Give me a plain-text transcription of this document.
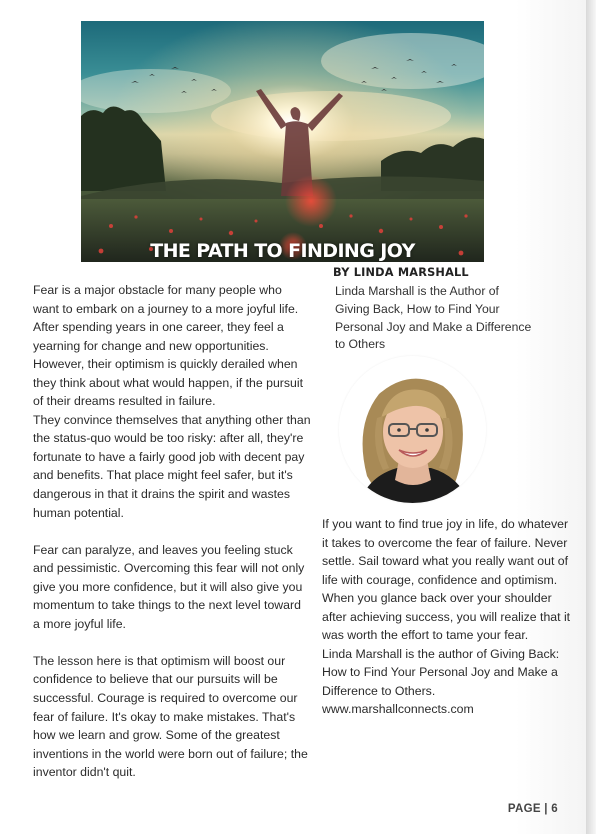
THE PATH TO FINDING JOY
BY LINDA MARSHALL
Linda Marshall is the Author of Giving Back, How to Find Your Personal Joy and Make a Difference to Others

Fear is a major obstacle for many people who want to embark on a journey to a more joyful life. After spending years in one career, they feel a yearning for change and new opportunities. However, their optimism is quickly derailed when they think about what would happen, if the pursuit of their dreams resulted in failure.

They convince themselves that anything other than the status-quo would be too risky: after all, they're fortunate to have a fairly good job with decent pay and benefits. That place might feel safer, but it's dangerous in that it drains the spirit and wastes human potential.

Fear can paralyze, and leaves you feeling stuck and pessimistic. Overcoming this fear will not only give you more confidence, but it will also give you momentum to take things to the next level toward a more joyful life.

The lesson here is that optimism will boost our confidence to believe that our pursuits will be successful. Courage is required to overcome our fear of failure. It's okay to make mistakes. That's how we learn and grow. Some of the greatest inventions in the world were born out of failure; the inventor didn't quit.

If you want to find true joy in life, do whatever it takes to overcome the fear of failure. Never settle. Sail toward what you really want out of life with courage, confidence and optimism. When you glance back over your shoulder after achieving success, you will realize that it was worth the effort to tame your fear.

Linda Marshall is the author of Giving Back: How to Find Your Personal Joy and Make a Difference to Others.

www.marshallconnects.com

PAGE | 6
